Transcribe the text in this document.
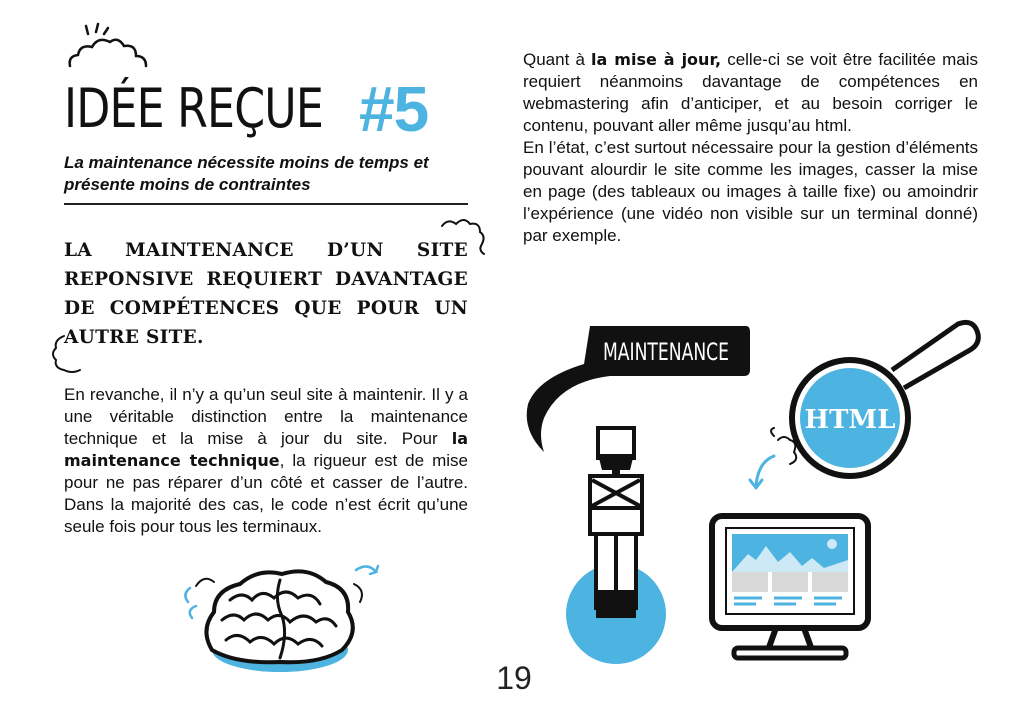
IDÉE REÇUE #5
La maintenance nécessite moins de temps et présente moins de contraintes
LA MAINTENANCE D’UN SITE REPONSIVE REQUIERT DAVANTAGE DE COMPÉTENCES QUE POUR UN AUTRE SITE.
En revanche, il n’y a qu’un seul site à maintenir. Il y a une véritable distinction entre la maintenance technique et la mise à jour du site. Pour la maintenance technique, la rigueur est de mise pour ne pas réparer d’un côté et casser de l’autre. Dans la majorité des cas, le code n’est écrit qu’une seule fois pour tous les terminaux.

Quant à la mise à jour, celle-ci se voit être facilitée mais requiert néanmoins davantage de compétences en webmastering afin d’anticiper, et au besoin corriger le contenu, pouvant aller même jusqu’au html.

En l’état, c’est surtout nécessaire pour la gestion d’éléments pouvant alourdir le site comme les images, casser la mise en page (des tableaux ou images à taille fixe) ou amoindrir l’expérience (une vidéo non visible sur un terminal donné) par exemple.

MAINTENANCE
HTML
19
